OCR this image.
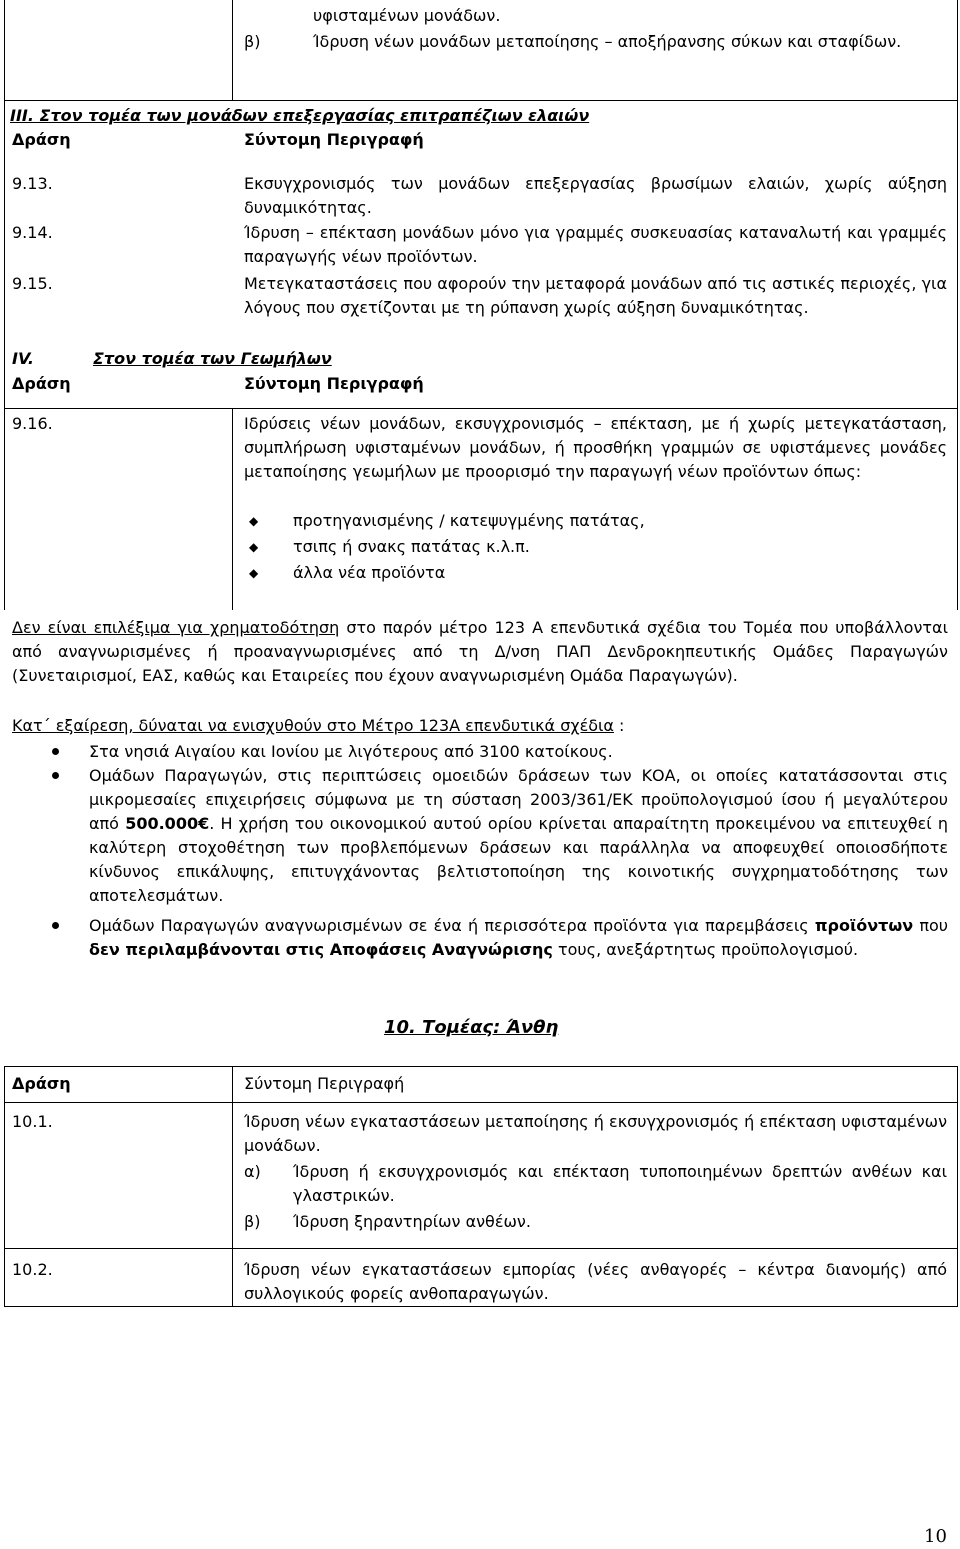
υφισταμένων μονάδων.
β)	Ίδρυση νέων μονάδων μεταποίησης – αποξήρανσης σύκων και σταφίδων.
ΙΙΙ. Στον τομέα των μονάδων επεξεργασίας επιτραπέζιων ελαιών
Δράση	Σύντομη Περιγραφή
9.13.	Εκσυγχρονισμός των μονάδων επεξεργασίας βρωσίμων ελαιών, χωρίς αύξηση δυναμικότητας.
9.14.	Ίδρυση – επέκταση μονάδων μόνο για γραμμές συσκευασίας καταναλωτή και γραμμές παραγωγής νέων προϊόντων.
9.15.	Μετεγκαταστάσεις που αφορούν την μεταφορά μονάδων από τις αστικές περιοχές, για λόγους που σχετίζονται με τη ρύπανση χωρίς αύξηση δυναμικότητας.
IV.	Στον τομέα των Γεωμήλων
Δράση	Σύντομη Περιγραφή
9.16.	Ιδρύσεις νέων μονάδων, εκσυγχρονισμός – επέκταση, με ή χωρίς μετεγκατάσταση, συμπλήρωση υφισταμένων μονάδων, ή προσθήκη γραμμών σε υφιστάμενες μονάδες μεταποίησης γεωμήλων με προορισμό την παραγωγή νέων προϊόντων όπως:
◆ προτηγανισμένης / κατεψυγμένης πατάτας,
◆ τσιπς ή σνακς πατάτας κ.λ.π.
◆ άλλα νέα προϊόντα
Δεν είναι επιλέξιμα για χρηματοδότηση στο παρόν μέτρο 123 Α επενδυτικά σχέδια του Τομέα που υποβάλλονται από αναγνωρισμένες ή προαναγνωρισμένες από τη Δ/νση ΠΑΠ Δενδροκηπευτικής Ομάδες Παραγωγών (Συνεταιρισμοί, ΕΑΣ, καθώς και Εταιρείες που έχουν αναγνωρισμένη Ομάδα Παραγωγών).
Κατ΄ εξαίρεση, δύναται να ενισχυθούν στο Μέτρο 123Α επενδυτικά σχέδια :
Στα νησιά Αιγαίου και Ιονίου με λιγότερους από 3100 κατοίκους.
Ομάδων Παραγωγών, στις περιπτώσεις ομοειδών δράσεων των ΚΟΑ, οι οποίες κατατάσσονται στις μικρομεσαίες επιχειρήσεις σύμφωνα με τη σύσταση 2003/361/ΕΚ προϋπολογισμού ίσου ή μεγαλύτερου από 500.000€. Η χρήση του οικονομικού αυτού ορίου κρίνεται απαραίτητη προκειμένου να επιτευχθεί η καλύτερη στοχοθέτηση των προβλεπόμενων δράσεων και παράλληλα να αποφευχθεί οποιοσδήποτε κίνδυνος επικάλυψης, επιτυγχάνοντας βελτιστοποίηση της κοινοτικής συγχρηματοδότησης των αποτελεσμάτων.
Ομάδων Παραγωγών αναγνωρισμένων σε ένα ή περισσότερα προϊόντα για παρεμβάσεις προϊόντων που δεν περιλαμβάνονται στις Αποφάσεις Αναγνώρισης τους, ανεξάρτητως προϋπολογισμού.
10. Τομέας: Άνθη
Δράση	Σύντομη Περιγραφή
10.1.	Ίδρυση νέων εγκαταστάσεων μεταποίησης ή εκσυγχρονισμός ή επέκταση υφισταμένων μονάδων.
α) Ίδρυση ή εκσυγχρονισμός και επέκταση τυποποιημένων δρεπτών ανθέων και γλαστρικών.
β) Ίδρυση ξηραντηρίων ανθέων.
10.2.	Ίδρυση νέων εγκαταστάσεων εμπορίας (νέες ανθαγορές – κέντρα διανομής) από συλλογικούς φορείς ανθοπαραγωγών.
10
